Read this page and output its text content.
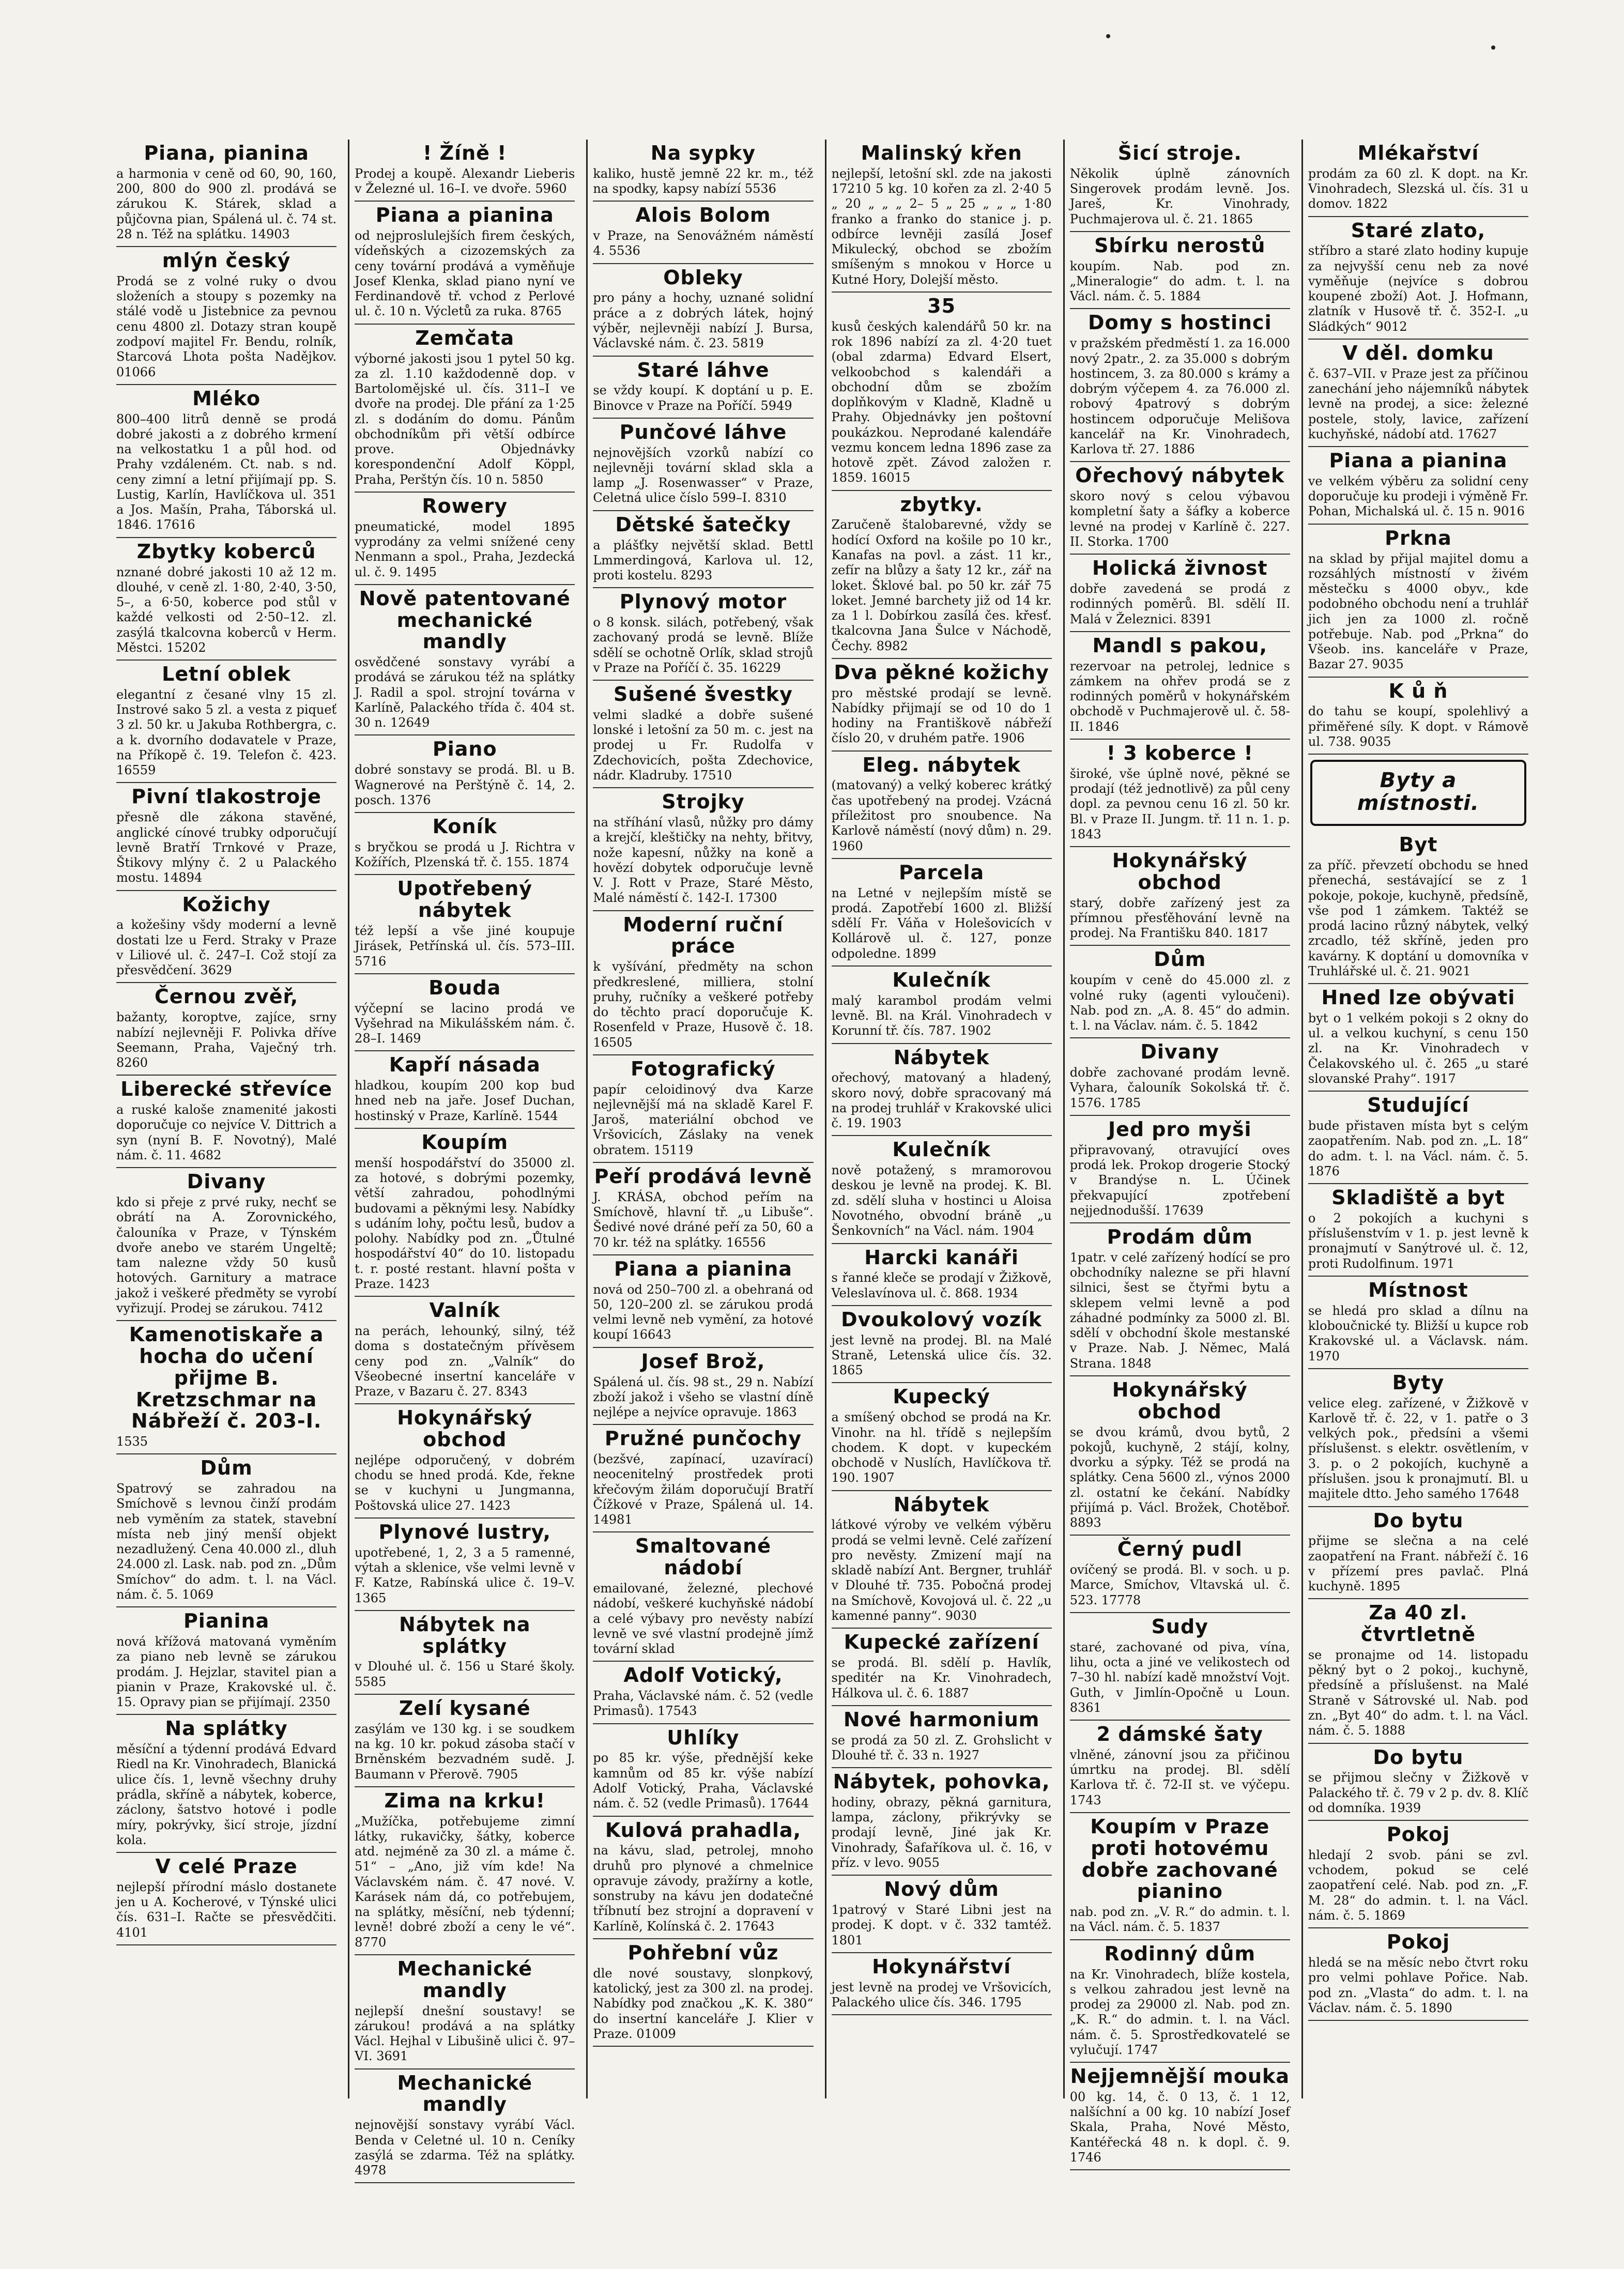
Piana, pianina

a harmonia v ceně od 60, 90, 160, 200, 800 do 900 zl. prodává se zárukou K. Stárek, sklad a půjčovna pian, Spálená ul. č. 74 st. 28 n. Též na splátku. 14903

mlýn český

Prodá se z volné ruky o dvou složeních a stoupy s pozemky na stálé vodě u Jistebnice za pevnou cenu 4800 zl. Dotazy stran koupě zodpoví majitel Fr. Bendu, rolník, Starcová Lhota pošta Nadějkov. 01066

Mléko

800–400 litrů denně se prodá dobré jakosti a z dobrého krmení na velkostatku 1 a půl hod. od Prahy vzdáleném. Ct. nab. s nd. ceny zimní a letní přijímají pp. S. Lustig, Karlín, Havlíčkova ul. 351 a Jos. Mašín, Praha, Táborská ul. 1846. 17616

Zbytky koberců

nznané dobré jakosti 10 až 12 m. dlouhé, v ceně zl. 1·80, 2·40, 3·50, 5–, a 6·50, koberce pod stůl v každé velkosti od 2·50–12. zl. zasýlá tkalcovna koberců v Herm. Městci. 15202

Letní oblek

elegantní z česané vlny 15 zl. Instrové sako 5 zl. a vesta z piqueť 3 zl. 50 kr. u Jakuba Rothbergra, c. a k. dvorního dodavatele v Praze, na Příkopě č. 19. Telefon č. 423. 16559

Pivní tlakostroje

přesně dle zákona stavěné, anglické cínové trubky odporučují levně Bratří Trnkové v Praze, Štikovy mlýny č. 2 u Palackého mostu. 14894

Kožichy

a kožešiny všdy moderní a levně dostati lze u Ferd. Straky v Praze v Liliové ul. č. 247–I. Což stojí za přesvědčení. 3629

Černou zvěř,

bažanty, koroptve, zajíce, srny nabízí nejlevněji F. Polivka dříve Seemann, Praha, Vaječný trh. 8260

Liberecké střevíce

a ruské kaloše znamenité jakosti doporučuje co nejvíce V. Dittrich a syn (nyní B. F. Novotný), Malé nám. č. 11. 4682

Divany

kdo si přeje z prvé ruky, nechť se obrátí na A. Zorovnického, čalouníka v Praze, v Týnském dvoře anebo ve starém Ungeltě; tam nalezne vždy 50 kusů hotových. Garnitury a matrace jakož i veškeré předměty se vyrobí vyřizují. Prodej se zárukou. 7412

Kamenotiskaře a hocha do učení přijme B. Kretzschmar na Nábřeží č. 203-I.

1535

Dům

Spatrový se zahradou na Smíchově s levnou činží prodám neb vyměním za statek, stavební místa neb jiný menší objekt nezadlužený. Cena 40.000 zl., dluh 24.000 zl. Lask. nab. pod zn. „Dům Smíchov“ do adm. t. l. na Václ. nám. č. 5. 1069

Pianina

nová křížová matovaná vyměním za piano neb levně se zárukou prodám. J. Hejzlar, stavitel pian a pianin v Praze, Krakovské ul. č. 15. Opravy pian se přijímají. 2350

Na splátky

měsíční a týdenní prodává Edvard Riedl na Kr. Vinohradech, Blanická ulice čís. 1, levně všechny druhy prádla, skříně a nábytek, koberce, záclony, šatstvo hotové i podle míry, pokrývky, šicí stroje, jízdní kola.

V celé Praze

nejlepší přírodní máslo dostanete jen u A. Kocherové, v Týnské ulici čís. 631–I. Račte se přesvědčiti. 4101

! Žíně !

Prodej a koupě. Alexandr Lieberis v Železné ul. 16–I. ve dvoře. 5960

Piana a pianina

od nejproslulejších firem českých, vídeňských a cizozemských za ceny tovární prodává a vyměňuje Josef Klenka, sklad piano nyní ve Ferdinandově tř. vchod z Perlové ul. č. 10 n. Výcletů za ruka. 8765

Zemčata

výborné jakosti jsou 1 pytel 50 kg. za zl. 1.10 každodenně dop. v Bartolomějské ul. čís. 311–I ve dvoře na prodej. Dle přání za 1·25 zl. s dodáním do domu. Pánům obchodníkům při větší odbírce prove. Objednávky korespondenční Adolf Köppl, Praha, Perštýn čís. 10 n. 5850

Rowery

pneumatické, model 1895 vyprodány za velmi snížené ceny Nenmann a spol., Praha, Jezdecká ul. č. 9. 1495

Nově patentované mechanické mandly

osvědčené sonstavy vyrábí a prodává se zárukou též na splátky J. Radil a spol. strojní továrna v Karlíně, Palackého třída č. 404 st. 30 n. 12649

Piano

dobré sonstavy se prodá. Bl. u B. Wagnerové na Perštýně č. 14, 2. posch. 1376

Koník

s bryčkou se prodá u J. Richtra v Kožířích, Plzenská tř. č. 155. 1874

Upotřebený nábytek

též lepší a vše jiné koupuje Jirásek, Petřínská ul. čís. 573–III. 5716

Bouda

výčepní se lacino prodá ve Vyšehrad na Mikulášském nám. č. 28–I. 1469

Kapří násada

hladkou, koupím 200 kop bud hned neb na jaře. Josef Duchan, hostinský v Praze, Karlíně. 1544

Koupím

menší hospodářství do 35000 zl. za hotové, s dobrými pozemky, větší zahradou, pohodlnými budovami a pěknými lesy. Nabídky s udáním lohy, počtu lesů, budov a polohy. Nabídky pod zn. „Ůtulné hospodářství 40“ do 10. listopadu t. r. posté restant. hlavní pošta v Praze. 1423

Valník

na perách, lehounký, silný, též doma s dostatečným přívěsem ceny pod zn. „Valník“ do Všeobecné insertní kanceláře v Praze, v Bazaru č. 27. 8343

Hokynářský obchod

nejlépe odporučený, v dobrém chodu se hned prodá. Kde, řekne se v kuchyni u Jungmanna, Poštovská ulice 27. 1423

Plynové lustry,

upotřebené, 1, 2, 3 a 5 ramenné, výtah a sklenice, vše velmi levně v F. Katze, Rabínská ulice č. 19–V. 1365

Nábytek na splátky

v Dlouhé ul. č. 156 u Staré školy. 5585

Zelí kysané

zasýlám ve 130 kg. i se soudkem na kg. 10 kr. pokud zásoba stačí v Brněnském bezvadném sudě. J. Baumann v Přerově. 7905

Zima na krku!

„Mužíčka, potřebujeme zimní látky, rukavičky, šátky, koberce atd. nejméně za 30 zl. a máme č. 51“ – „Ano, již vím kde! Na Václavském nám. č. 47 nové. V. Karásek nám dá, co potřebujem, na splátky, měsíční, neb týdenní; levně! dobré zboží a ceny le vé“. 8770

Mechanické mandly

nejlepší dnešní soustavy! se zárukou! prodává a na splátky Václ. Hejhal v Libušině ulici č. 97–VI. 3691

Mechanické mandly

nejnovější sonstavy vyrábí Václ. Benda v Celetné ul. 10 n. Ceníky zasýlá se zdarma. Též na splátky. 4978

Na sypky

kaliko, hustě jemně 22 kr. m., též na spodky, kapsy nabízí 5536

Alois Bolom

v Praze, na Senovážném náměstí 4. 5536

Obleky

pro pány a hochy, uznané solidní práce a z dobrých látek, hojný výběr, nejlevněji nabízí J. Bursa, Václavské nám. č. 23. 5819

Staré láhve

se vždy koupí. K doptání u p. E. Binovce v Praze na Poříčí. 5949

Punčové láhve

nejnovějších vzorků nabízí co nejlevněji tovární sklad skla a lamp „J. Rosenwasser“ v Praze, Celetná ulice číslo 599–I. 8310

Dětské šatečky

a plášťky největší sklad. Bettl Lmmerdingová, Karlova ul. 12, proti kostelu. 8293

Plynový motor

o 8 konsk. silách, potřebený, však zachovaný prodá se levně. Blíže sdělí se ochotně Orlík, sklad strojů v Praze na Poříčí č. 35. 16229

Sušené švestky

velmi sladké a dobře sušené lonské i letošní za 50 m. c. jest na prodej u Fr. Rudolfa v Zdechovicích, pošta Zdechovice, nádr. Kladruby. 17510

Strojky

na stříhání vlasů, nůžky pro dámy a krejčí, kleštičky na nehty, břitvy, nože kapesní, nůžky na koně a hovězí dobytek odporučuje levně V. J. Rott v Praze, Staré Město, Malé náměstí č. 142-I. 17300

Moderní ruční práce

k vyšívání, předměty na schon předkreslené, milliera, stolní pruhy, ručníky a veškeré potřeby do těchto prací doporučuje K. Rosenfeld v Praze, Husově č. 18. 16505

Fotografický

papír celoidinový dva Karze nejlevnější má na skladě Karel F. Jaroš, materiální obchod ve Vršovicích, Záslaky na venek obratem. 15119

Peří prodává levně

J. KRÁSA, obchod peřím na Smíchově, hlavní tř. „u Libuše“. Šedivé nové dráné peří za 50, 60 a 70 kr. též na splátky. 16556

Piana a pianina

nová od 250–700 zl. a obehraná od 50, 120–200 zl. se zárukou prodá velmi levně neb vymění, za hotové koupí 16643

Josef Brož,

Spálená ul. čís. 98 st., 29 n. Nabízí zboží jakož i všeho se vlastní díně nejlépe a nejvíce opravuje. 1863

Pružné punčochy

(bezšvé, zapínací, uzavírací) neocenitelný prostředek proti křečovým žilám doporučují Bratří Čížkové v Praze, Spálená ul. 14. 14981

Smaltované nádobí

emailované, železné, plechové nádobí, veškeré kuchyňské nádobí a celé výbavy pro nevěsty nabízí levně ve své vlastní prodejně jímž tovární sklad

Adolf Votický,

Praha, Václavské nám. č. 52 (vedle Primasů). 17543

Uhlíky

po 85 kr. výše, přednější keke kamnům od 85 kr. výše nabízí Adolf Votický, Praha, Václavské nám. č. 52 (vedle Primasů). 17644

Kulová prahadla,

na kávu, slad, petrolej, mnoho druhů pro plynové a chmelnice opravuje závody, pražírny a kotle, sonstruby na kávu jen dodatečné tříbnutí bez strojní a dopravení v Karlíně, Kolínská č. 2. 17643

Pohřební vůz

dle nové soustavy, slonpkový, katolický, jest za 300 zl. na prodej. Nabídky pod značkou „K. K. 380“ do insertní kanceláře J. Klier v Praze. 01009

Malinský křen

nejlepší, letošní skl. zde na jakosti 17210 5 kg. 10 kořen za zl. 2·40 5 „ 20 „ „ „ 2– 5 „ 25 „ „ „ 1·80 franko a franko do stanice j. p. odbírce levněji zasílá Josef Mikulecký, obchod se zbožím smíšeným s mnokou v Horce u Kutné Hory, Dolejší město.

35

kusů českých kalendářů 50 kr. na rok 1896 nabízí za zl. 4·20 tuet (obal zdarma) Edvard Elsert, velkoobchod s kalendáři a obchodní dům se zbožím doplňkovým v Kladně, Kladně u Prahy. Objednávky jen poštovní poukázkou. Neprodané kalendáře vezmu koncem ledna 1896 zase za hotově zpět. Závod založen r. 1859. 16015

zbytky.

Zaručeně štalobarevné, vždy se hodící Oxford na košile po 10 kr., Kanafas na povl. a zást. 11 kr., zefír na blůzy a šaty 12 kr., zář na loket. Šklové bal. po 50 kr. zář 75 loket. Jemné barchety již od 14 kr. za 1 l. Dobírkou zasílá čes. křesť. tkalcovna Jana Šulce v Náchodě, Čechy. 8982

Dva pěkné kožichy

pro městské prodají se levně. Nabídky přijmají se od 10 do 1 hodiny na Františkově nábřeží číslo 20, v druhém patře. 1906

Eleg. nábytek

(matovaný) a velký koberec krátký čas upotřebený na prodej. Vzácná příležitost pro snoubence. Na Karlově náměstí (nový dům) n. 29. 1960

Parcela

na Letné v nejlepším místě se prodá. Zapotřebí 1600 zl. Bližší sdělí Fr. Váňa v Holešovicích v Kollárově ul. č. 127, ponze odpoledne. 1899

Kulečník

malý karambol prodám velmi levně. Bl. na Král. Vinohradech v Korunní tř. čís. 787. 1902

Nábytek

ořechový, matovaný a hladený, skoro nový, dobře spracovaný má na prodej truhlář v Krakovské ulici č. 19. 1903

Kulečník

nově potažený, s mramorovou deskou je levně na prodej. K. Bl. zd. sdělí sluha v hostinci u Aloisa Novotného, obvodní bráně „u Šenkovních“ na Václ. nám. 1904

Harcki kanáři

s řanné kleče se prodají v Žižkově, Veleslavínova ul. č. 868. 1934

Dvoukolový vozík

jest levně na prodej. Bl. na Malé Straně, Letenská ulice čís. 32. 1865

Kupecký

a smíšený obchod se prodá na Kr. Vinohr. na hl. třídě s nejlepším chodem. K dopt. v kupeckém obchodě v Nuslích, Havlíčkova tř. 190. 1907

Nábytek

látkové výroby ve velkém výběru prodá se velmi levně. Celé zařízení pro nevěsty. Zmizení mají na skladě nabízí Ant. Bergner, truhlář v Dlouhé tř. 735. Pobočná prodej na Smíchově, Kovojová ul. č. 22 „u kamenné panny“. 9030

Kupecké zařízení

se prodá. Bl. sdělí p. Havlík, speditér na Kr. Vinohradech, Hálkova ul. č. 6. 1887

Nové harmonium

se prodá za 50 zl. Z. Grohslicht v Dlouhé tř. č. 33 n. 1927

Nábytek, pohovka,

hodiny, obrazy, pěkná garnitura, lampa, záclony, přikrývky se prodají levně, Jiné jak Kr. Vinohrady, Šafaříkova ul. č. 16, v příz. v levo. 9055

Nový dům

1patrový v Staré Libni jest na prodej. K dopt. v č. 332 tamtéž. 1801

Hokynářství

jest levně na prodej ve Vršovicích, Palackého ulice čís. 346. 1795

Šicí stroje.

Několik úplně zánovních Singerovek prodám levně. Jos. Jareš, Kr. Vinohrady, Puchmajerova ul. č. 21. 1865

Sbírku nerostů

koupím. Nab. pod zn. „Mineralogie“ do adm. t. l. na Václ. nám. č. 5. 1884

Domy s hostinci

v pražském předměstí 1. za 16.000 nový 2patr., 2. za 35.000 s dobrým hostincem, 3. za 80.000 s krámy a dobrým výčepem 4. za 76.000 zl. robový 4patrový s dobrým hostincem odporučuje Melišova kancelář na Kr. Vinohradech, Karlova tř. 27. 1886

Ořechový nábytek

skoro nový s celou výbavou kompletní šaty a šáfky a koberce levné na prodej v Karlíně č. 227. II. Storka. 1700

Holická živnost

dobře zavedená se prodá z rodinných poměrů. Bl. sdělí II. Malá v Železnici. 8391

Mandl s pakou,

rezervoar na petrolej, lednice s zámkem na ohřev prodá se z rodinných poměrů v hokynářském obchodě v Puchmajerově ul. č. 58-II. 1846

! 3 koberce !

široké, vše úplně nové, pěkné se prodají (též jednotlivě) za půl ceny dopl. za pevnou cenu 16 zl. 50 kr. Bl. v Praze II. Jungm. tř. 11 n. 1. p. 1843

Hokynářský obchod

starý, dobře zařízený jest za přímnou přesťěhování levně na prodej. Na Františku 840. 1817

Dům

koupím v ceně do 45.000 zl. z volné ruky (agenti vyloučeni). Nab. pod zn. „A. 8. 45“ do admin. t. l. na Václav. nám. č. 5. 1842

Divany

dobře zachované prodám levně. Vyhara, čalouník Sokolská tř. č. 1576. 1785

Jed pro myši

připravovaný, otravující oves prodá lek. Prokop drogerie Stocký v Brandýse n. L. Účinek překvapující zpotřebení nejjednodušší. 17639

Prodám dům

1patr. v celé zařízený hodící se pro obchodníky nalezne se při hlavní silnici, šest se čtyřmi bytu a sklepem velmi levně a pod záhadné podmínky za 5000 zl. Bl. sdělí v obchodní škole mestanské v Praze. Nab. J. Němec, Malá Strana. 1848

Hokynářský obchod

se dvou krámů, dvou bytů, 2 pokojů, kuchyně, 2 stájí, kolny, dvorku a sýpky. Též se prodá na splátky. Cena 5600 zl., výnos 2000 zl. ostatní ke čekání. Nabídky přijímá p. Václ. Brožek, Chotěboř. 8893

Černý pudl

ovíčený se prodá. Bl. v soch. u p. Marce, Smíchov, Vltavská ul. č. 523. 17778

Sudy

staré, zachované od piva, vína, lihu, octa a jiné ve velikostech od 7–30 hl. nabízí kadě množství Vojt. Guth, v Jimlín-Opočně u Loun. 8361

2 dámské šaty

vlněné, zánovní jsou za přičinou úmrtku na prodej. Bl. sdělí Karlova tř. č. 72-II st. ve výčepu. 1743

Koupím v Praze proti hotovému dobře zachované pianino

nab. pod zn. „V. R.“ do admin. t. l. na Václ. nám. č. 5. 1837

Rodinný dům

na Kr. Vinohradech, blíže kostela, s velkou zahradou jest levně na prodej za 29000 zl. Nab. pod zn. „K. R.“ do admin. t. l. na Václ. nám. č. 5. Sprostředkovatelé se vylučují. 1747

Nejjemnější mouka

00 kg. 14, č. 0 13, č. 1 12, nalšíchní a 00 kg. 10 nabízí Josef Skala, Praha, Nové Město, Kantéřecká 48 n. k dopl. č. 9. 1746

Mlékařství

prodám za 60 zl. K dopt. na Kr. Vinohradech, Slezská ul. čís. 31 u domov. 1822

Staré zlato,

stříbro a staré zlato hodiny kupuje za nejvyšší cenu neb za nové vyměňuje (nejvíce s dobrou koupené zboží) Aot. J. Hofmann, zlatník v Husově tř. č. 352-I. „u Sládkých“ 9012

V děl. domku

č. 637–VII. v Praze jest za příčinou zanechání jeho nájemníků nábytek levně na prodej, a sice: železné postele, stoly, lavice, zařízení kuchyňské, nádobí atd. 17627

Piana a pianina

ve velkém výběru za solidní ceny doporučuje ku prodeji i výměně Fr. Pohan, Michalská ul. č. 15 n. 9016

Prkna

na sklad by přijal majitel domu a rozsáhlých místností v živém městečku s 4000 obyv., kde podobného obchodu není a truhlář jich jen za 1000 zl. ročně potřebuje. Nab. pod „Prkna“ do Všeob. ins. kanceláře v Praze, Bazar 27. 9035

K ů ň

do tahu se koupí, spolehlivý a přiměřené síly. K dopt. v Rámově ul. 738. 9035

Byty a místnosti.
Byt

za příč. převzetí obchodu se hned přenechá, sestávající se z 1 pokoje, pokoje, kuchyně, předsíně, vše pod 1 zámkem. Taktéž se prodá lacino různý nábytek, velký zrcadlo, též skříně, jeden pro kavárny. K doptání u domovníka v Truhlářské ul. č. 21. 9021

Hned lze obývati

byt o 1 velkém pokoji s 2 okny do ul. a velkou kuchyní, s cenu 150 zl. na Kr. Vinohradech v Čelakovského ul. č. 265 „u staré slovanské Prahy“. 1917

Studující

bude přistaven místa byt s celým zaopatřením. Nab. pod zn. „L. 18“ do adm. t. l. na Václ. nám. č. 5. 1876

Skladiště a byt

o 2 pokojích a kuchyni s příslušenstvím v 1. p. jest levně k pronajmutí v Sanýtrové ul. č. 12, proti Rudolfinum. 1971

Místnost

se hledá pro sklad a dílnu na kloboučnické ty. Bližší u kupce rob Krakovské ul. a Václavsk. nám. 1970

Byty

velice eleg. zařízené, v Žižkově v Karlově tř. č. 22, v 1. patře o 3 velkých pok., předsíni a všemi příslušenst. s elektr. osvětlením, v 3. p. o 2 pokojích, kuchyně a příslušen. jsou k pronajmutí. Bl. u majitele dtto. Jeho samého 17648

Do bytu

přijme se slečna a na celé zaopatření na Frant. nábřeží č. 16 v přízemí pres pavlač. Plná kuchyně. 1895

Za 40 zl. čtvrtletně

se pronajme od 14. listopadu pěkný byt o 2 pokoj., kuchyně, předsíně a příslušenst. na Malé Straně v Sátrovské ul. Nab. pod zn. „Byt 40“ do adm. t. l. na Václ. nám. č. 5. 1888

Do bytu

se přijmou slečny v Žižkově v Palackého tř. č. 79 v 2 p. dv. 8. Klíč od domníka. 1939

Pokoj

hledají 2 svob. páni se zvl. vchodem, pokud se celé zaopatření celé. Nab. pod zn. „F. M. 28“ do admin. t. l. na Václ. nám. č. 5. 1869

Pokoj

hledá se na měsíc nebo čtvrt roku pro velmi pohlave Pořice. Nab. pod zn. „Vlasta“ do adm. t. l. na Václav. nám. č. 5. 1890
